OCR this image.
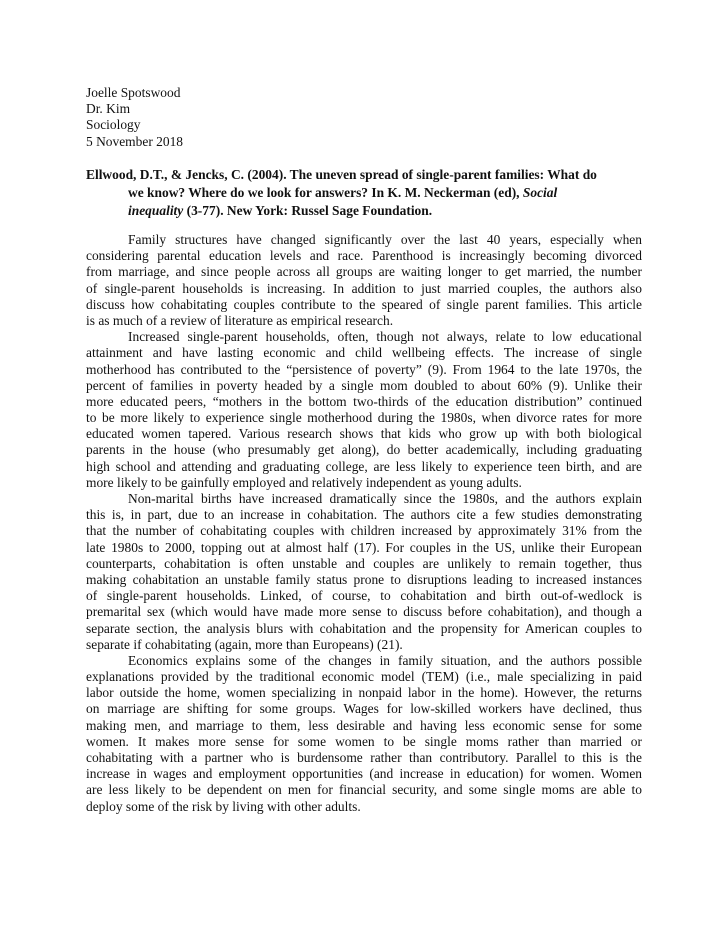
Joelle Spotswood
Dr. Kim
Sociology
5 November 2018
Ellwood, D.T., & Jencks, C. (2004). The uneven spread of single-parent families: What do
we know? Where do we look for answers? In K. M. Neckerman (ed), Social
inequality (3-77). New York: Russel Sage Foundation.
Family structures have changed significantly over the last 40 years, especially when
considering parental education levels and race. Parenthood is increasingly becoming divorced
from marriage, and since people across all groups are waiting longer to get married, the number
of single-parent households is increasing. In addition to just married couples, the authors also
discuss how cohabitating couples contribute to the speared of single parent families. This article
is as much of a review of literature as empirical research.
Increased single-parent households, often, though not always, relate to low educational
attainment and have lasting economic and child wellbeing effects. The increase of single
motherhood has contributed to the “persistence of poverty” (9). From 1964 to the late 1970s, the
percent of families in poverty headed by a single mom doubled to about 60% (9). Unlike their
more educated peers, “mothers in the bottom two-thirds of the education distribution” continued
to be more likely to experience single motherhood during the 1980s, when divorce rates for more
educated women tapered. Various research shows that kids who grow up with both biological
parents in the house (who presumably get along), do better academically, including graduating
high school and attending and graduating college, are less likely to experience teen birth, and are
more likely to be gainfully employed and relatively independent as young adults.
Non-marital births have increased dramatically since the 1980s, and the authors explain
this is, in part, due to an increase in cohabitation. The authors cite a few studies demonstrating
that the number of cohabitating couples with children increased by approximately 31% from the
late 1980s to 2000, topping out at almost half (17). For couples in the US, unlike their European
counterparts, cohabitation is often unstable and couples are unlikely to remain together, thus
making cohabitation an unstable family status prone to disruptions leading to increased instances
of single-parent households. Linked, of course, to cohabitation and birth out-of-wedlock is
premarital sex (which would have made more sense to discuss before cohabitation), and though a
separate section, the analysis blurs with cohabitation and the propensity for American couples to
separate if cohabitating (again, more than Europeans) (21).
Economics explains some of the changes in family situation, and the authors possible
explanations provided by the traditional economic model (TEM) (i.e., male specializing in paid
labor outside the home, women specializing in nonpaid labor in the home). However, the returns
on marriage are shifting for some groups. Wages for low-skilled workers have declined, thus
making men, and marriage to them, less desirable and having less economic sense for some
women. It makes more sense for some women to be single moms rather than married or
cohabitating with a partner who is burdensome rather than contributory. Parallel to this is the
increase in wages and employment opportunities (and increase in education) for women. Women
are less likely to be dependent on men for financial security, and some single moms are able to
deploy some of the risk by living with other adults.
